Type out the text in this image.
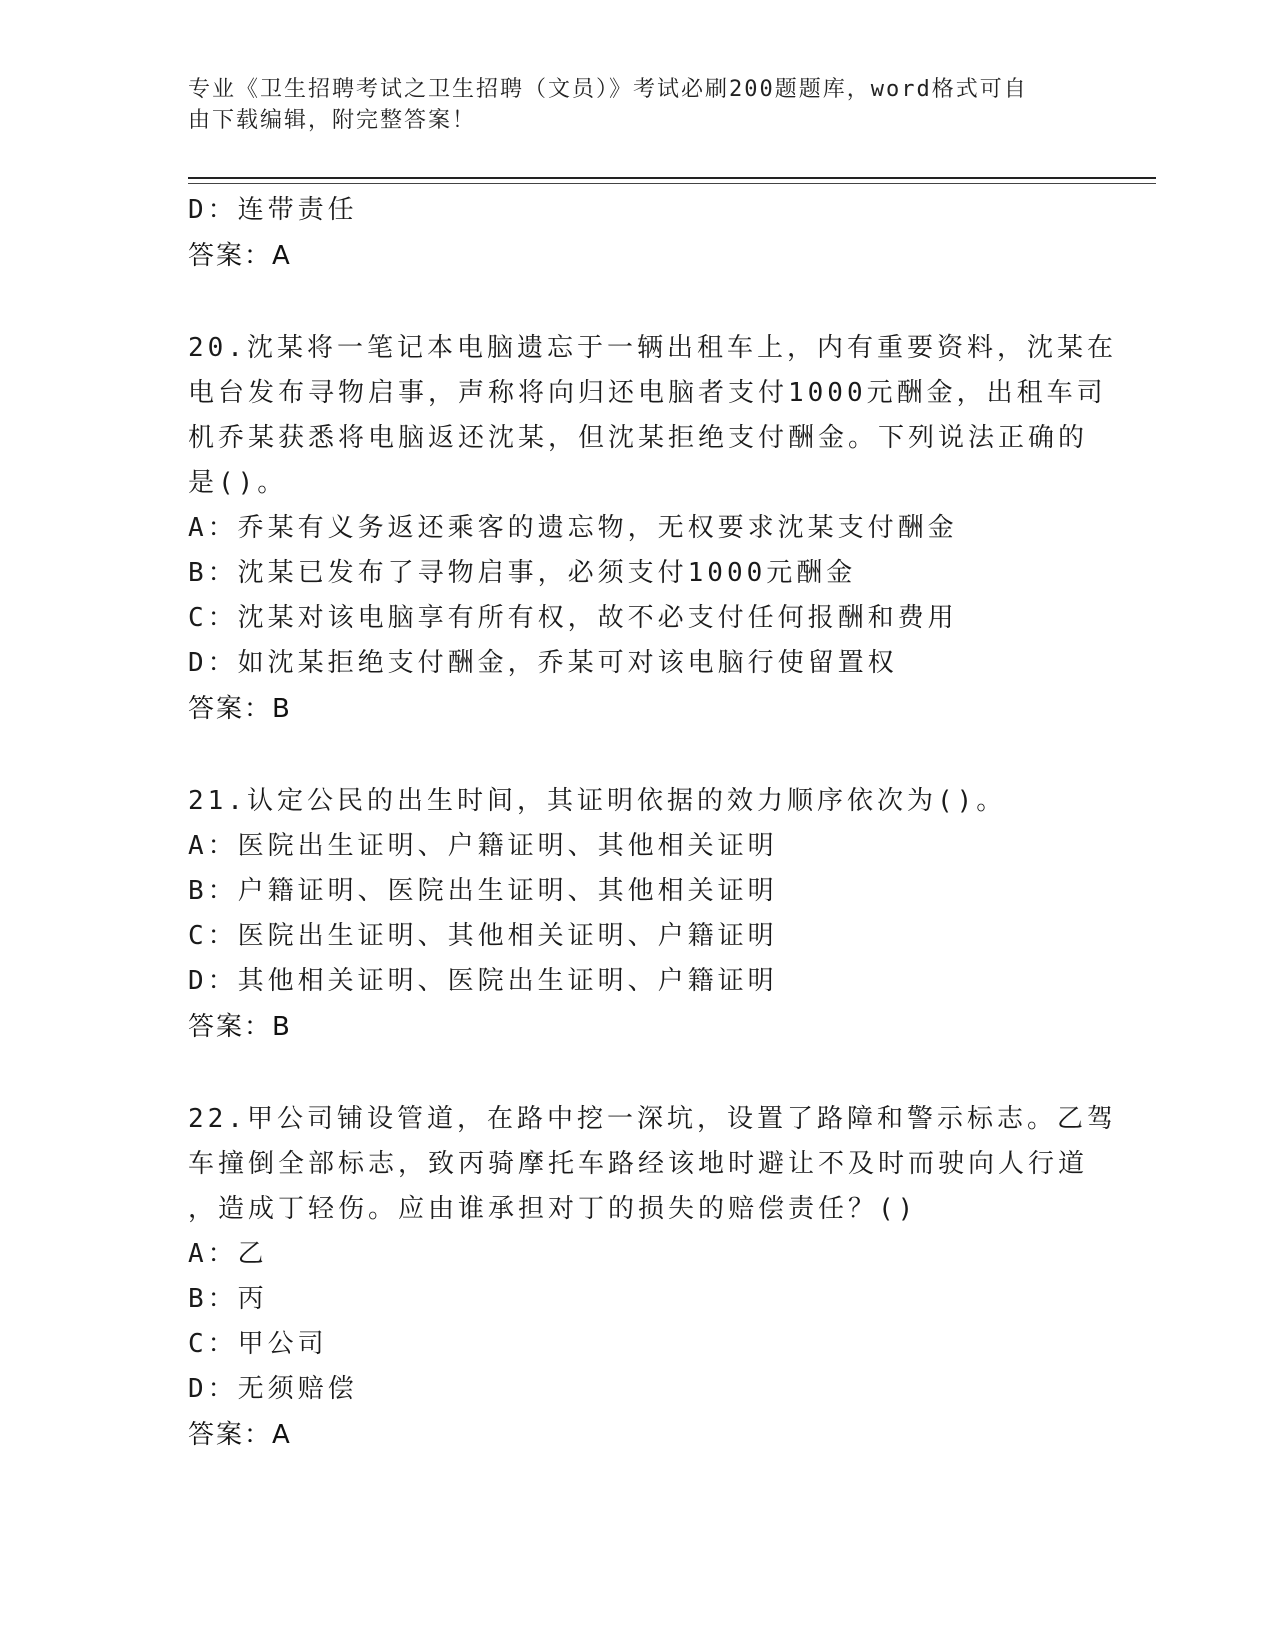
专业《卫生招聘考试之卫生招聘（文员）》考试必刷200题题库，word格式可自
由下载编辑，附完整答案！
D：连带责任
答案：A
20.沈某将一笔记本电脑遗忘于一辆出租车上，内有重要资料，沈某在
电台发布寻物启事，声称将向归还电脑者支付1000元酬金，出租车司
机乔某获悉将电脑返还沈某，但沈某拒绝支付酬金。下列说法正确的
是()。
A：乔某有义务返还乘客的遗忘物，无权要求沈某支付酬金
B：沈某已发布了寻物启事，必须支付1000元酬金
C：沈某对该电脑享有所有权，故不必支付任何报酬和费用
D：如沈某拒绝支付酬金，乔某可对该电脑行使留置权
答案：B
21.认定公民的出生时间，其证明依据的效力顺序依次为()。
A：医院出生证明、户籍证明、其他相关证明
B：户籍证明、医院出生证明、其他相关证明
C：医院出生证明、其他相关证明、户籍证明
D：其他相关证明、医院出生证明、户籍证明
答案：B
22.甲公司铺设管道，在路中挖一深坑，设置了路障和警示标志。乙驾
车撞倒全部标志，致丙骑摩托车路经该地时避让不及时而驶向人行道
，造成丁轻伤。应由谁承担对丁的损失的赔偿责任？()
A：乙
B：丙
C：甲公司
D：无须赔偿
答案：A
